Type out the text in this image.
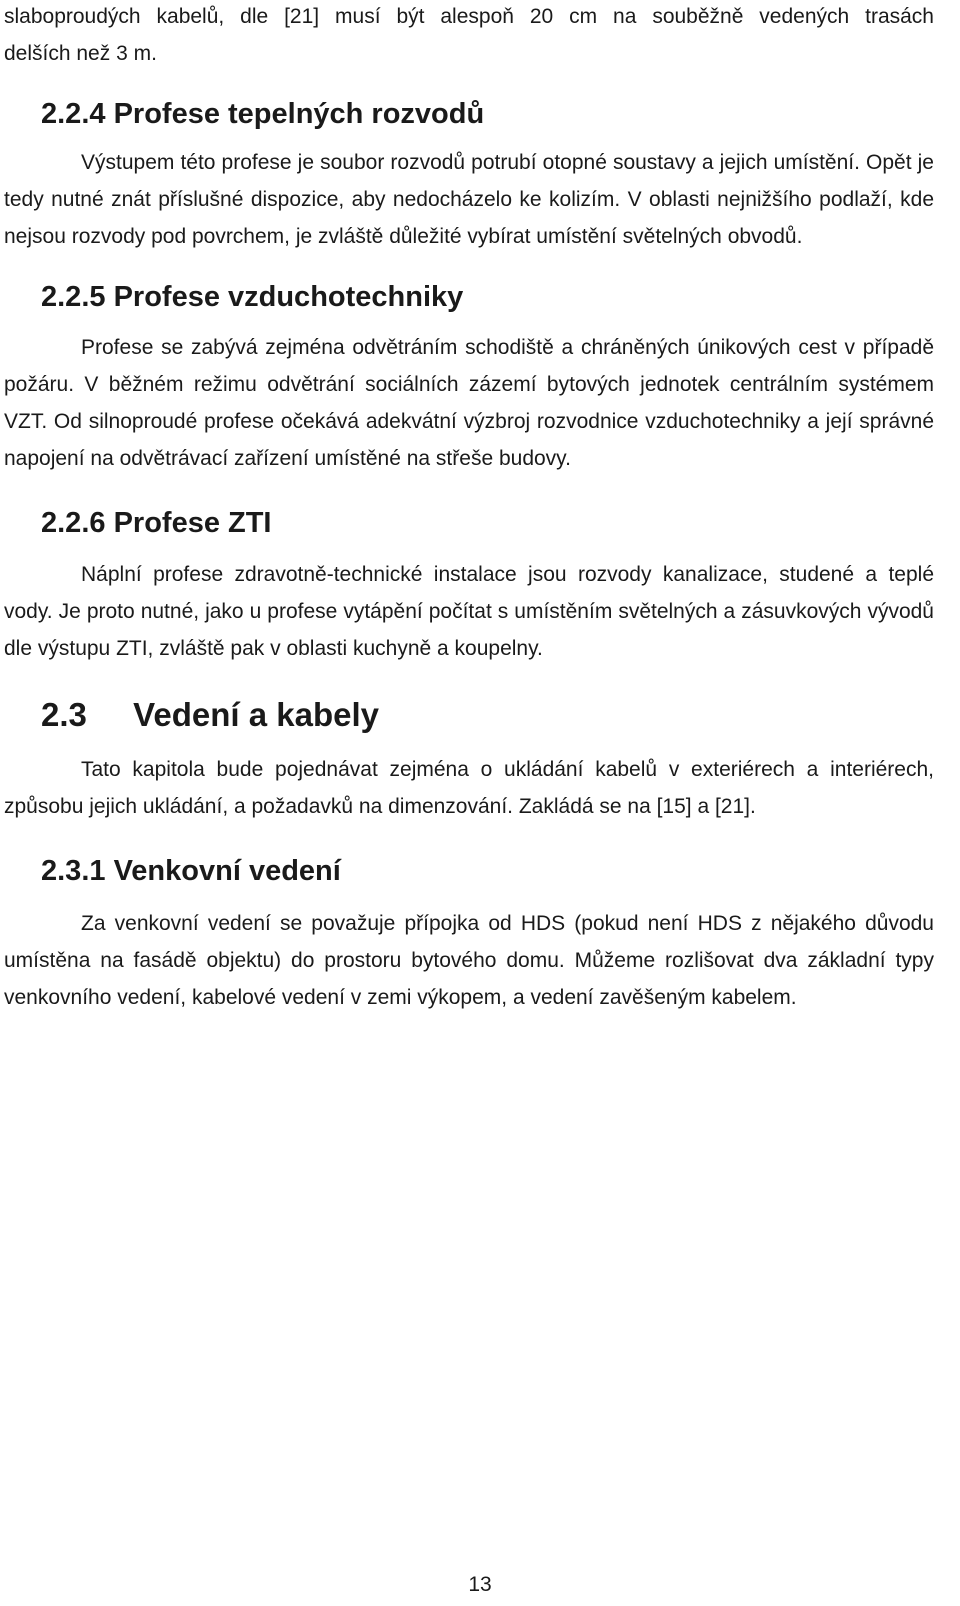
slaboproudých kabelů, dle [21] musí být alespoň 20 cm na souběžně vedených trasách

delších než 3 m.

2.2.4 Profese tepelných rozvodů

Výstupem této profese je soubor rozvodů potrubí otopné soustavy a jejich umístění. Opět je tedy nutné znát příslušné dispozice, aby nedocházelo ke kolizím. V oblasti nejnižšího podlaží, kde nejsou rozvody pod povrchem, je zvláště důležité vybírat umístění světelných obvodů.

2.2.5 Profese vzduchotechniky

Profese se zabývá zejména odvětráním schodiště a chráněných únikových cest v případě požáru. V běžném režimu odvětrání sociálních zázemí bytových jednotek centrálním systémem VZT. Od silnoproudé profese očekává adekvátní výzbroj rozvodnice vzduchotechniky a její správné napojení na odvětrávací zařízení umístěné na střeše budovy.

2.2.6 Profese ZTI

Náplní profese zdravotně-technické instalace jsou rozvody kanalizace, studené a teplé vody. Je proto nutné, jako u profese vytápění počítat s umístěním světelných a zásuvkových vývodů dle výstupu ZTI, zvláště pak v oblasti kuchyně a koupelny.

2.3 Vedení a kabely

Tato kapitola bude pojednávat zejména o ukládání kabelů v exteriérech a interiérech, způsobu jejich ukládání, a požadavků na dimenzování. Zakládá se na [15] a [21].

2.3.1 Venkovní vedení

Za venkovní vedení se považuje přípojka od HDS (pokud není HDS z nějakého důvodu umístěna na fasádě objektu) do prostoru bytového domu. Můžeme rozlišovat dva základní typy venkovního vedení, kabelové vedení v zemi výkopem, a vedení zavěšeným kabelem.

13
